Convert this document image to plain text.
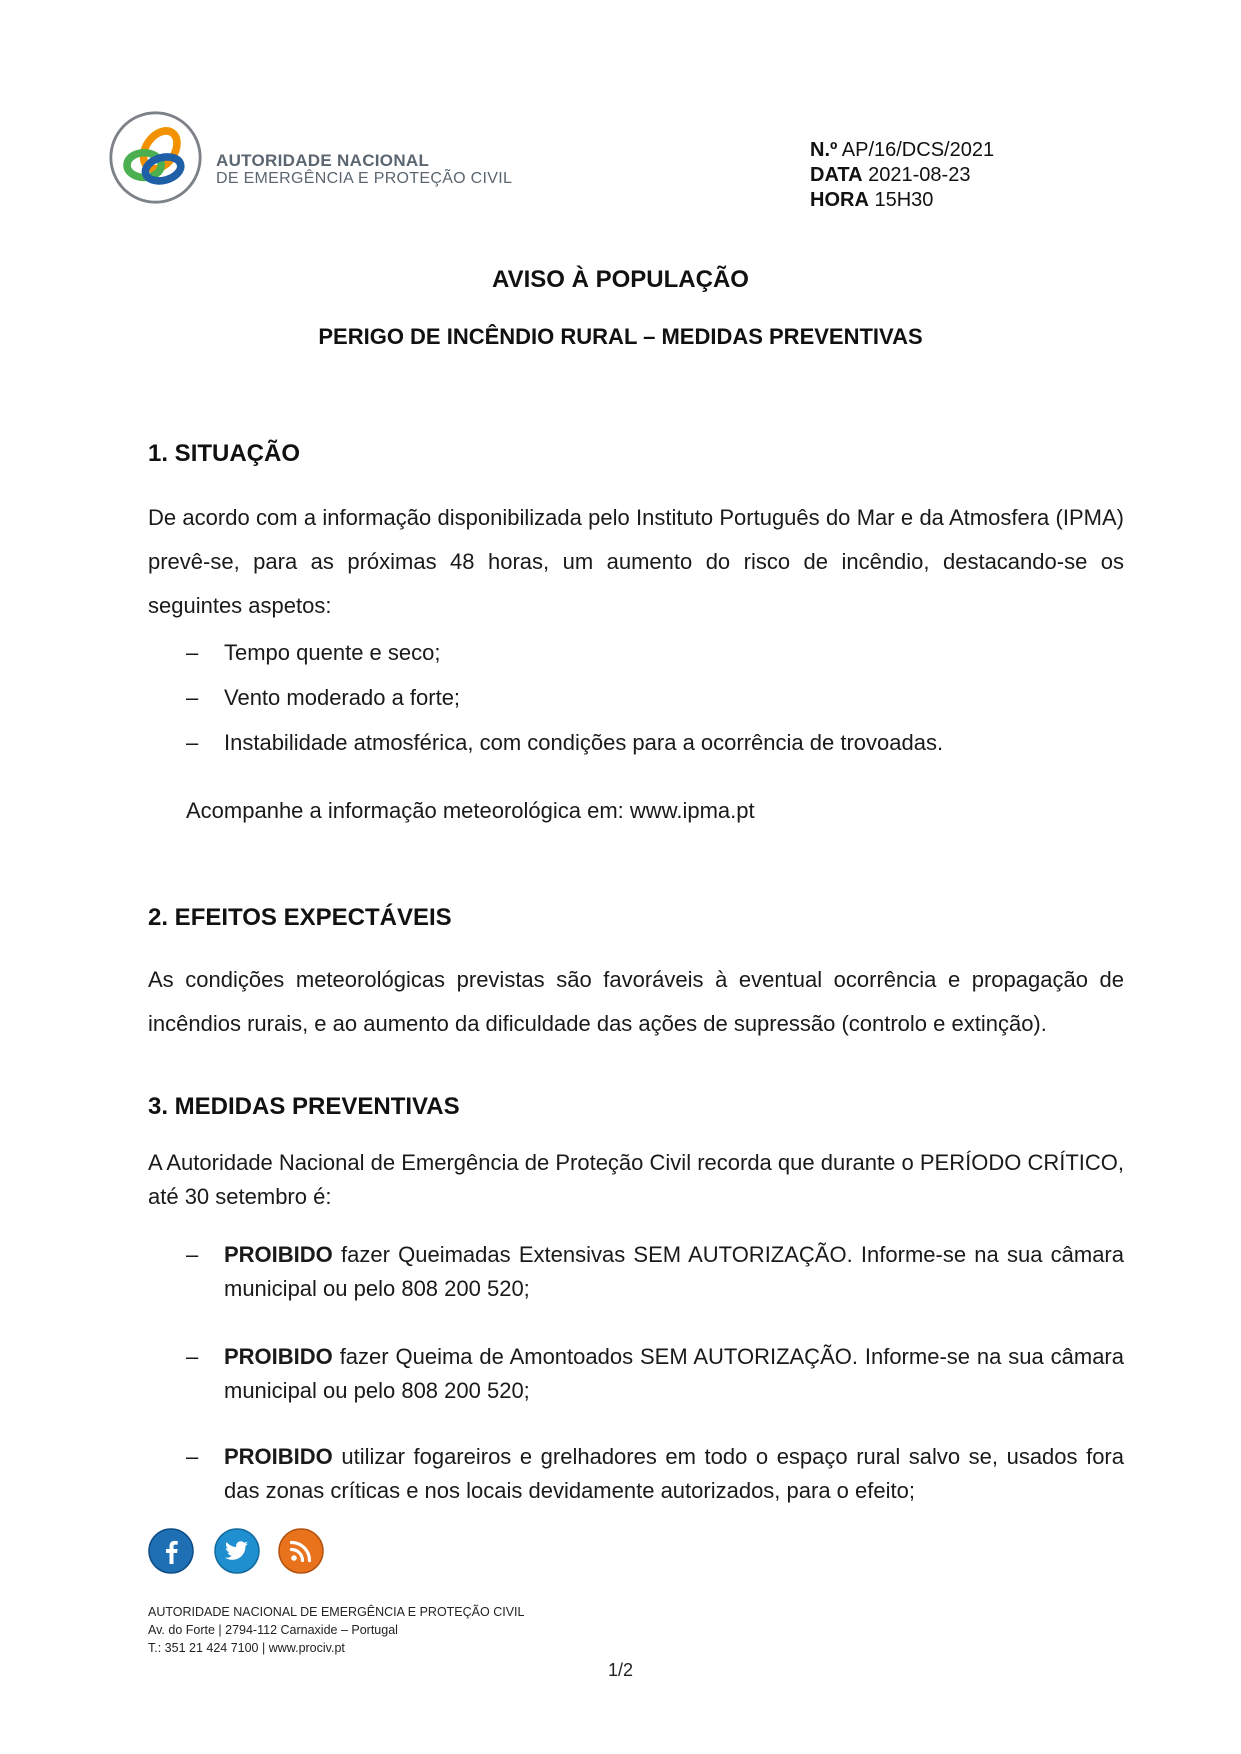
AUTORIDADE NACIONAL
DE EMERGÊNCIA E PROTEÇÃO CIVIL
N.º AP/16/DCS/2021
DATA 2021-08-23
HORA 15H30
AVISO À POPULAÇÃO
PERIGO DE INCÊNDIO RURAL – MEDIDAS PREVENTIVAS
1. SITUAÇÃO
De acordo com a informação disponibilizada pelo Instituto Português do Mar e da Atmosfera (IPMA) prevê-se, para as próximas 48 horas, um aumento do risco de incêndio, destacando-se os seguintes aspetos:
– Tempo quente e seco;
– Vento moderado a forte;
– Instabilidade atmosférica, com condições para a ocorrência de trovoadas.
Acompanhe a informação meteorológica em: www.ipma.pt
2. EFEITOS EXPECTÁVEIS
As condições meteorológicas previstas são favoráveis à eventual ocorrência e propagação de incêndios rurais, e ao aumento da dificuldade das ações de supressão (controlo e extinção).
3. MEDIDAS PREVENTIVAS
A Autoridade Nacional de Emergência de Proteção Civil recorda que durante o PERÍODO CRÍTICO, até 30 setembro é:
– PROIBIDO fazer Queimadas Extensivas SEM AUTORIZAÇÃO. Informe-se na sua câmara municipal ou pelo 808 200 520;
– PROIBIDO fazer Queima de Amontoados SEM AUTORIZAÇÃO. Informe-se na sua câmara municipal ou pelo 808 200 520;
– PROIBIDO utilizar fogareiros e grelhadores em todo o espaço rural salvo se, usados fora das zonas críticas e nos locais devidamente autorizados, para o efeito;
AUTORIDADE NACIONAL DE EMERGÊNCIA E PROTEÇÃO CIVIL
Av. do Forte | 2794-112 Carnaxide – Portugal
T.: 351 21 424 7100 | www.prociv.pt
1/2
